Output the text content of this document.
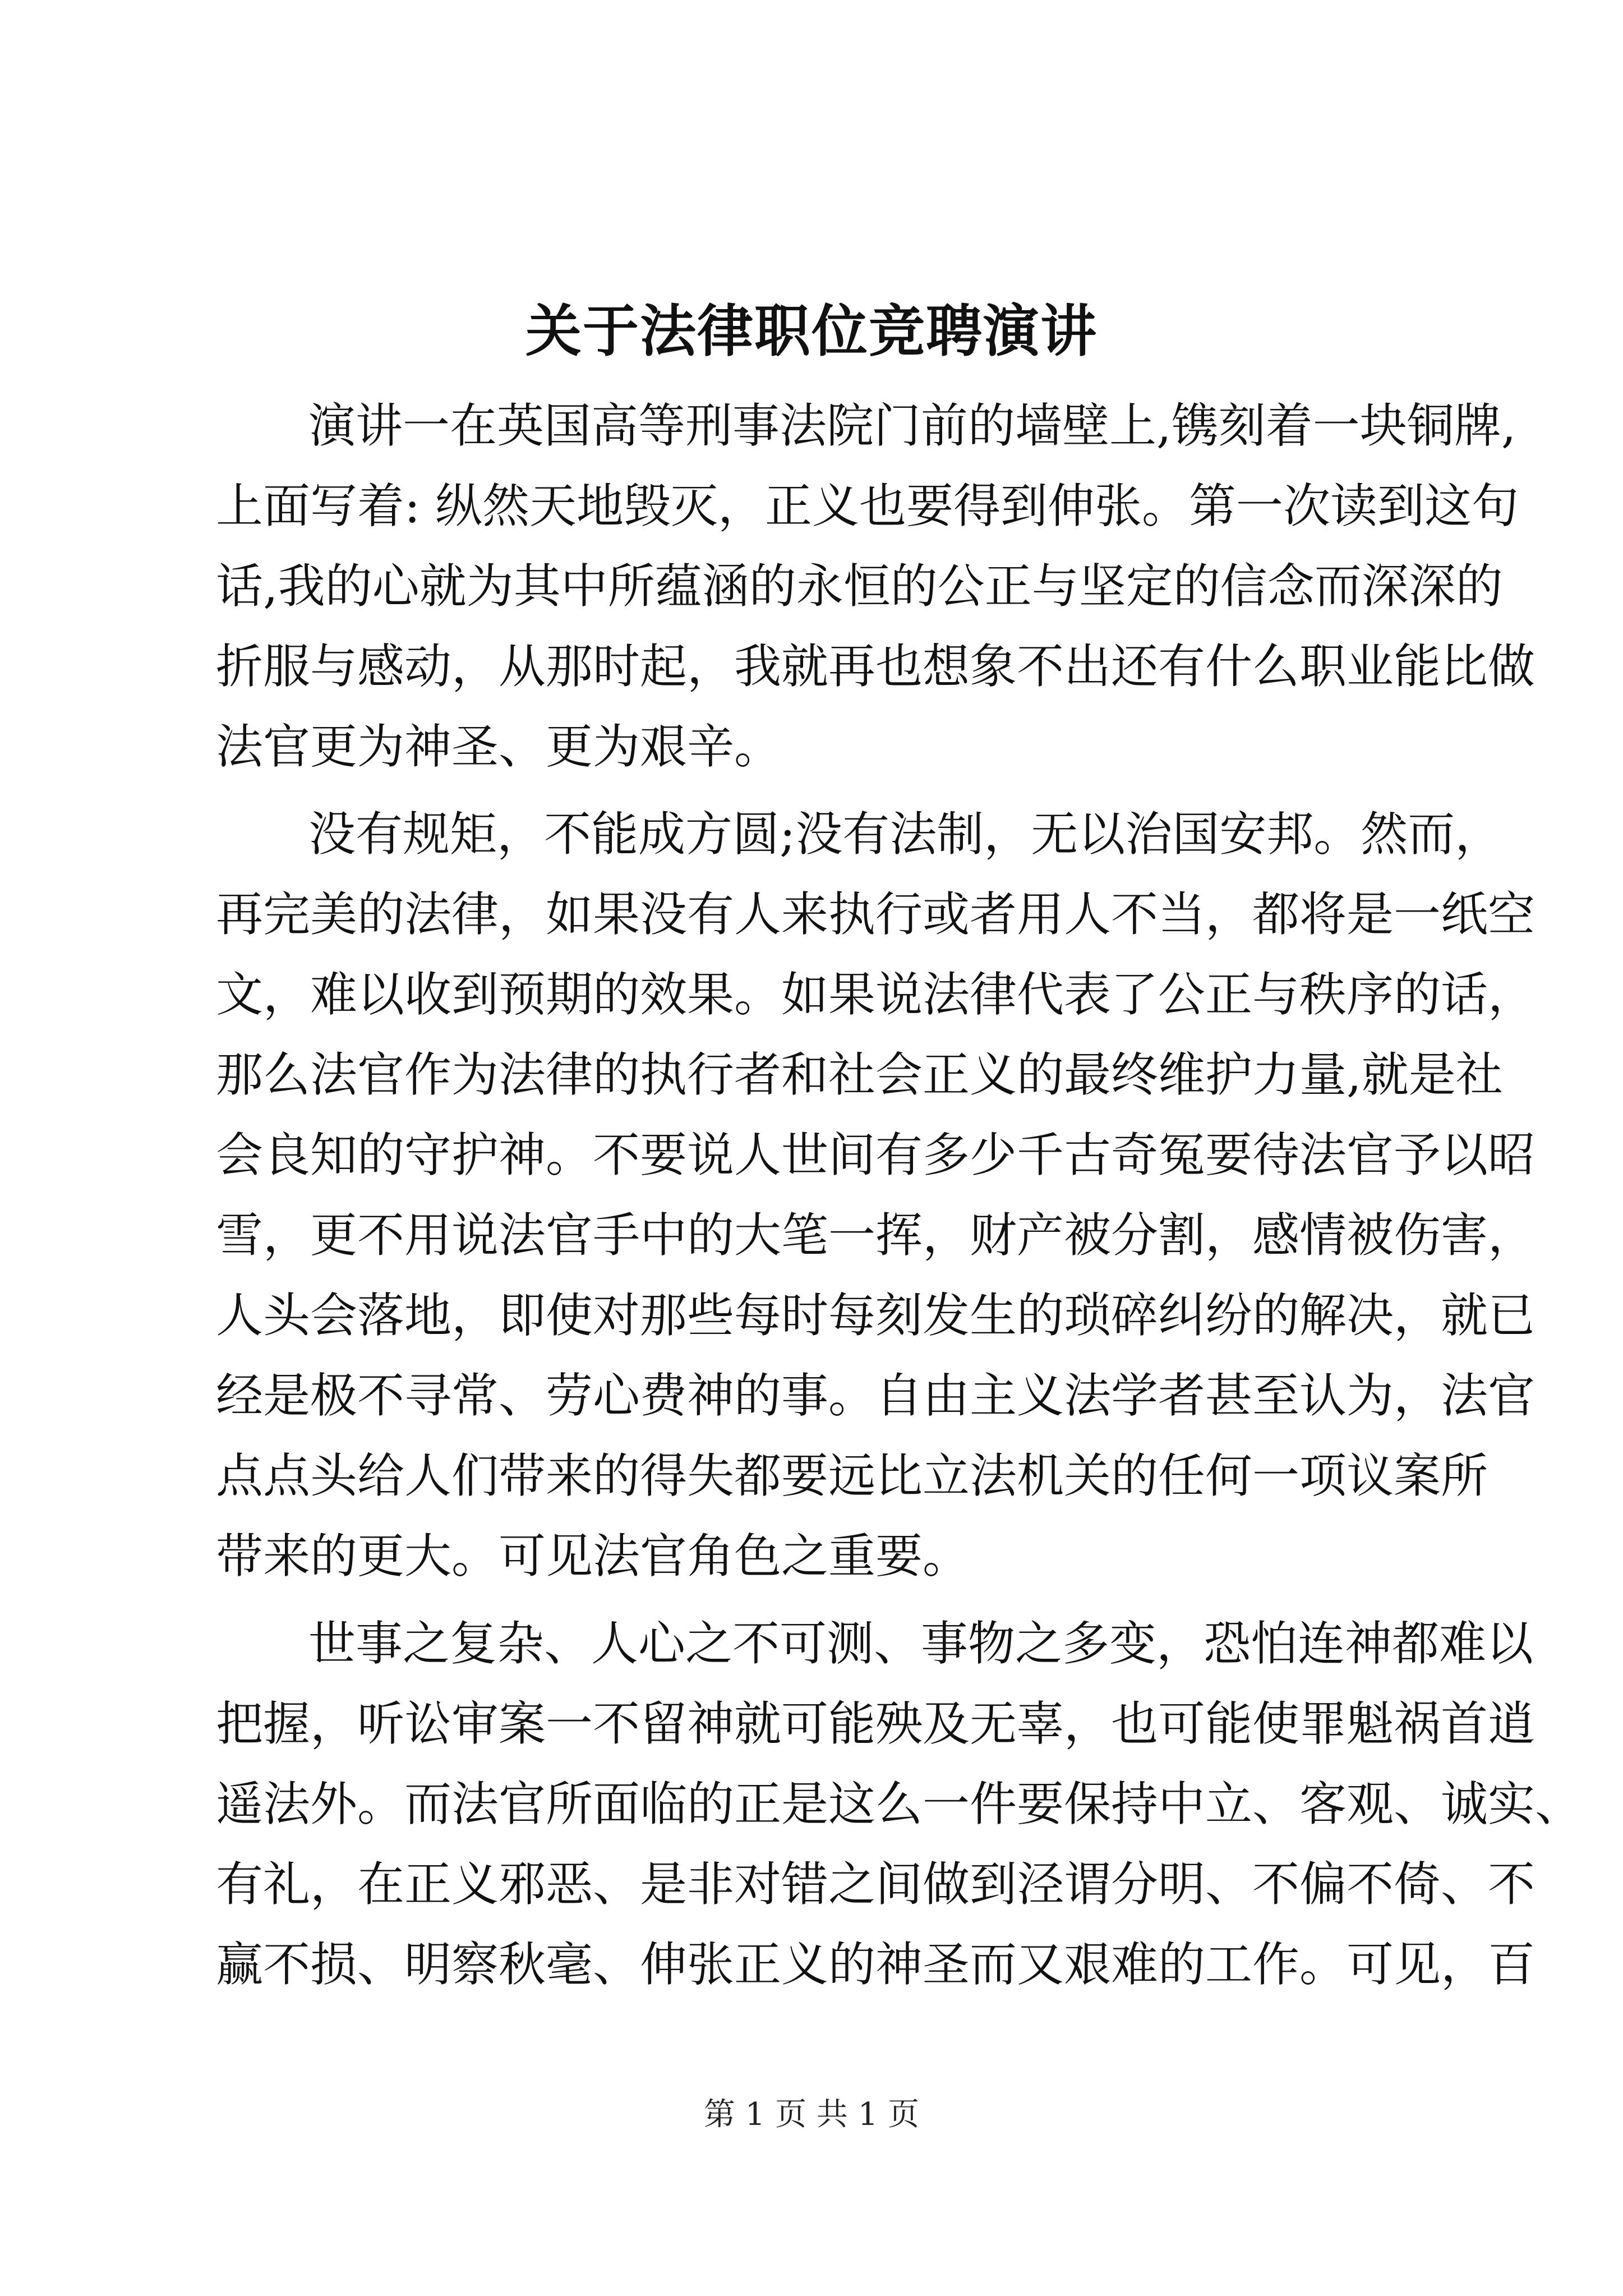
关于法律职位竞聘演讲
演讲一在英国高等刑事法院门前的墙壁上,镌刻着一块铜牌,
上面写着: 纵然天地毁灭，正义也要得到伸张。第一次读到这句
话,我的心就为其中所蕴涵的永恒的公正与坚定的信念而深深的
折服与感动，从那时起，我就再也想象不出还有什么职业能比做
法官更为神圣、更为艰辛。
没有规矩，不能成方圆;没有法制，无以治国安邦。然而，
再完美的法律，如果没有人来执行或者用人不当，都将是一纸空
文，难以收到预期的效果。如果说法律代表了公正与秩序的话，
那么法官作为法律的执行者和社会正义的最终维护力量,就是社
会良知的守护神。不要说人世间有多少千古奇冤要待法官予以昭
雪，更不用说法官手中的大笔一挥，财产被分割，感情被伤害，
人头会落地，即使对那些每时每刻发生的琐碎纠纷的解决，就已
经是极不寻常、劳心费神的事。自由主义法学者甚至认为，法官
点点头给人们带来的得失都要远比立法机关的任何一项议案所
带来的更大。可见法官角色之重要。
世事之复杂、人心之不可测、事物之多变，恐怕连神都难以
把握，听讼审案一不留神就可能殃及无辜，也可能使罪魁祸首逍
遥法外。而法官所面临的正是这么一件要保持中立、客观、诚实、
有礼，在正义邪恶、是非对错之间做到泾谓分明、不偏不倚、不
赢不损、明察秋毫、伸张正义的神圣而又艰难的工作。可见，百
第 1 页 共 1 页
